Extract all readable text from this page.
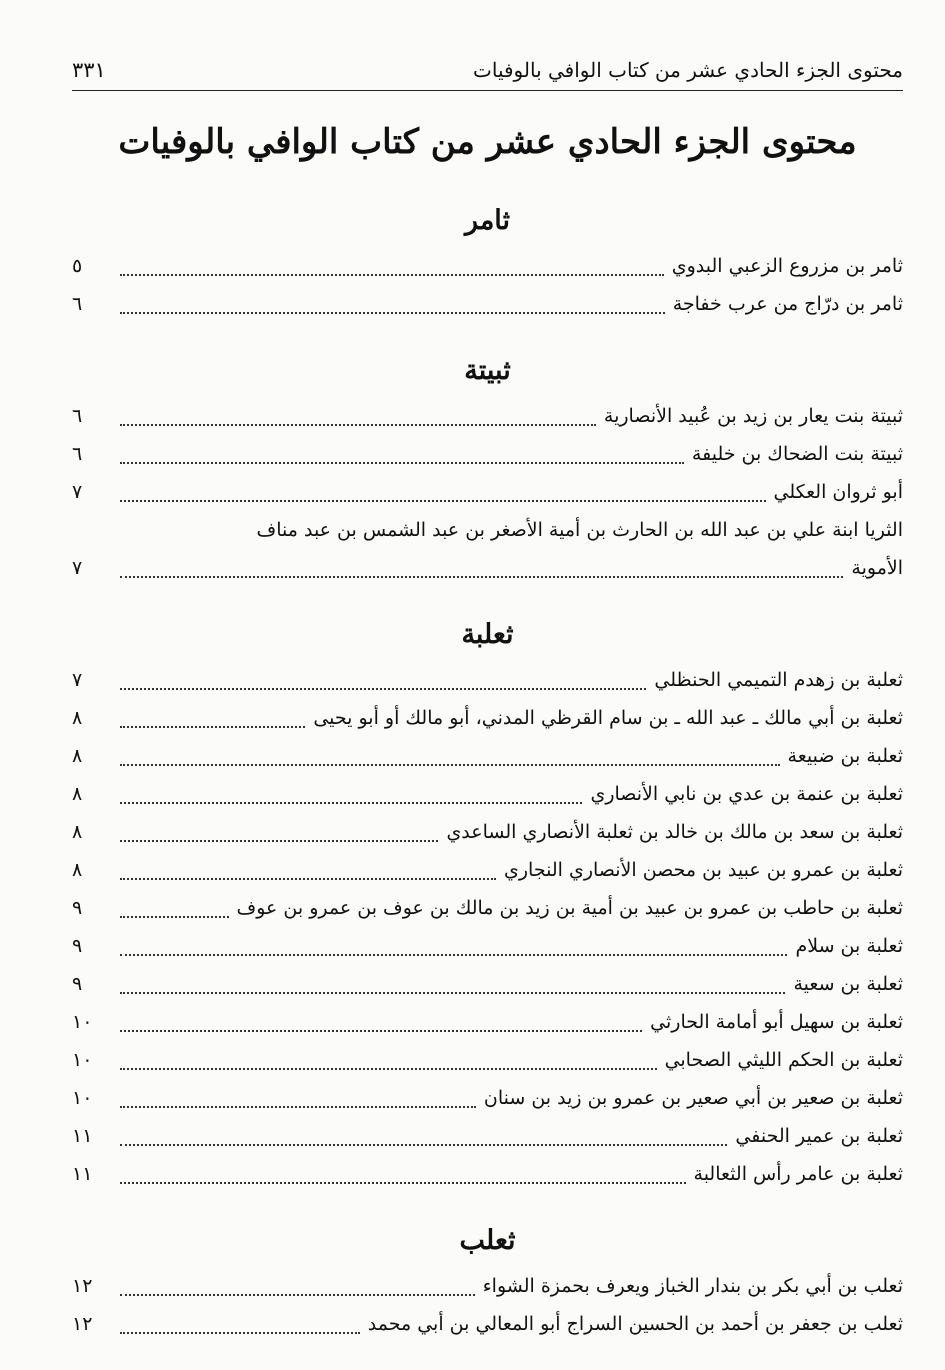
محتوى الجزء الحادي عشر من كتاب الوافي بالوفيات
٣٣١
محتوى الجزء الحادي عشر من كتاب الوافي بالوفيات
ثامر
ثامر بن مزروع الزعبي البدوي
٥
ثامر بن درّاج من عرب خفاجة
٦
ثبيتة
ثبيتة بنت يعار بن زيد بن عُبيد الأنصارية
٦
ثبيتة بنت الضحاك بن خليفة
٦
أبو ثروان العكلي
٧
الثريا ابنة علي بن عبد الله بن الحارث بن أمية الأصغر بن عبد الشمس بن عبد مناف
الأموية
٧
ثعلبة
ثعلبة بن زهدم التميمي الحنظلي
٧
ثعلبة بن أبي مالك ـ عبد الله ـ بن سام القرظي المدني، أبو مالك أو أبو يحيى
٨
ثعلبة بن ضبيعة
٨
ثعلبة بن عنمة بن عدي بن نابي الأنصاري
٨
ثعلبة بن سعد بن مالك بن خالد بن ثعلبة الأنصاري الساعدي
٨
ثعلبة بن عمرو بن عبيد بن محصن الأنصاري النجاري
٨
ثعلبة بن حاطب بن عمرو بن عبيد بن أمية بن زيد بن مالك بن عوف بن عمرو بن عوف
٩
ثعلبة بن سلام
٩
ثعلبة بن سعية
٩
ثعلبة بن سهيل أبو أمامة الحارثي
١٠
ثعلبة بن الحكم الليثي الصحابي
١٠
ثعلبة بن صعير بن أبي صعير بن عمرو بن زيد بن سنان
١٠
ثعلبة بن عمير الحنفي
١١
ثعلبة بن عامر رأس الثعالبة
١١
ثعلب
ثعلب بن أبي بكر بن بندار الخباز ويعرف بحمزة الشواء
١٢
ثعلب بن جعفر بن أحمد بن الحسين السراج أبو المعالي بن أبي محمد
١٢
